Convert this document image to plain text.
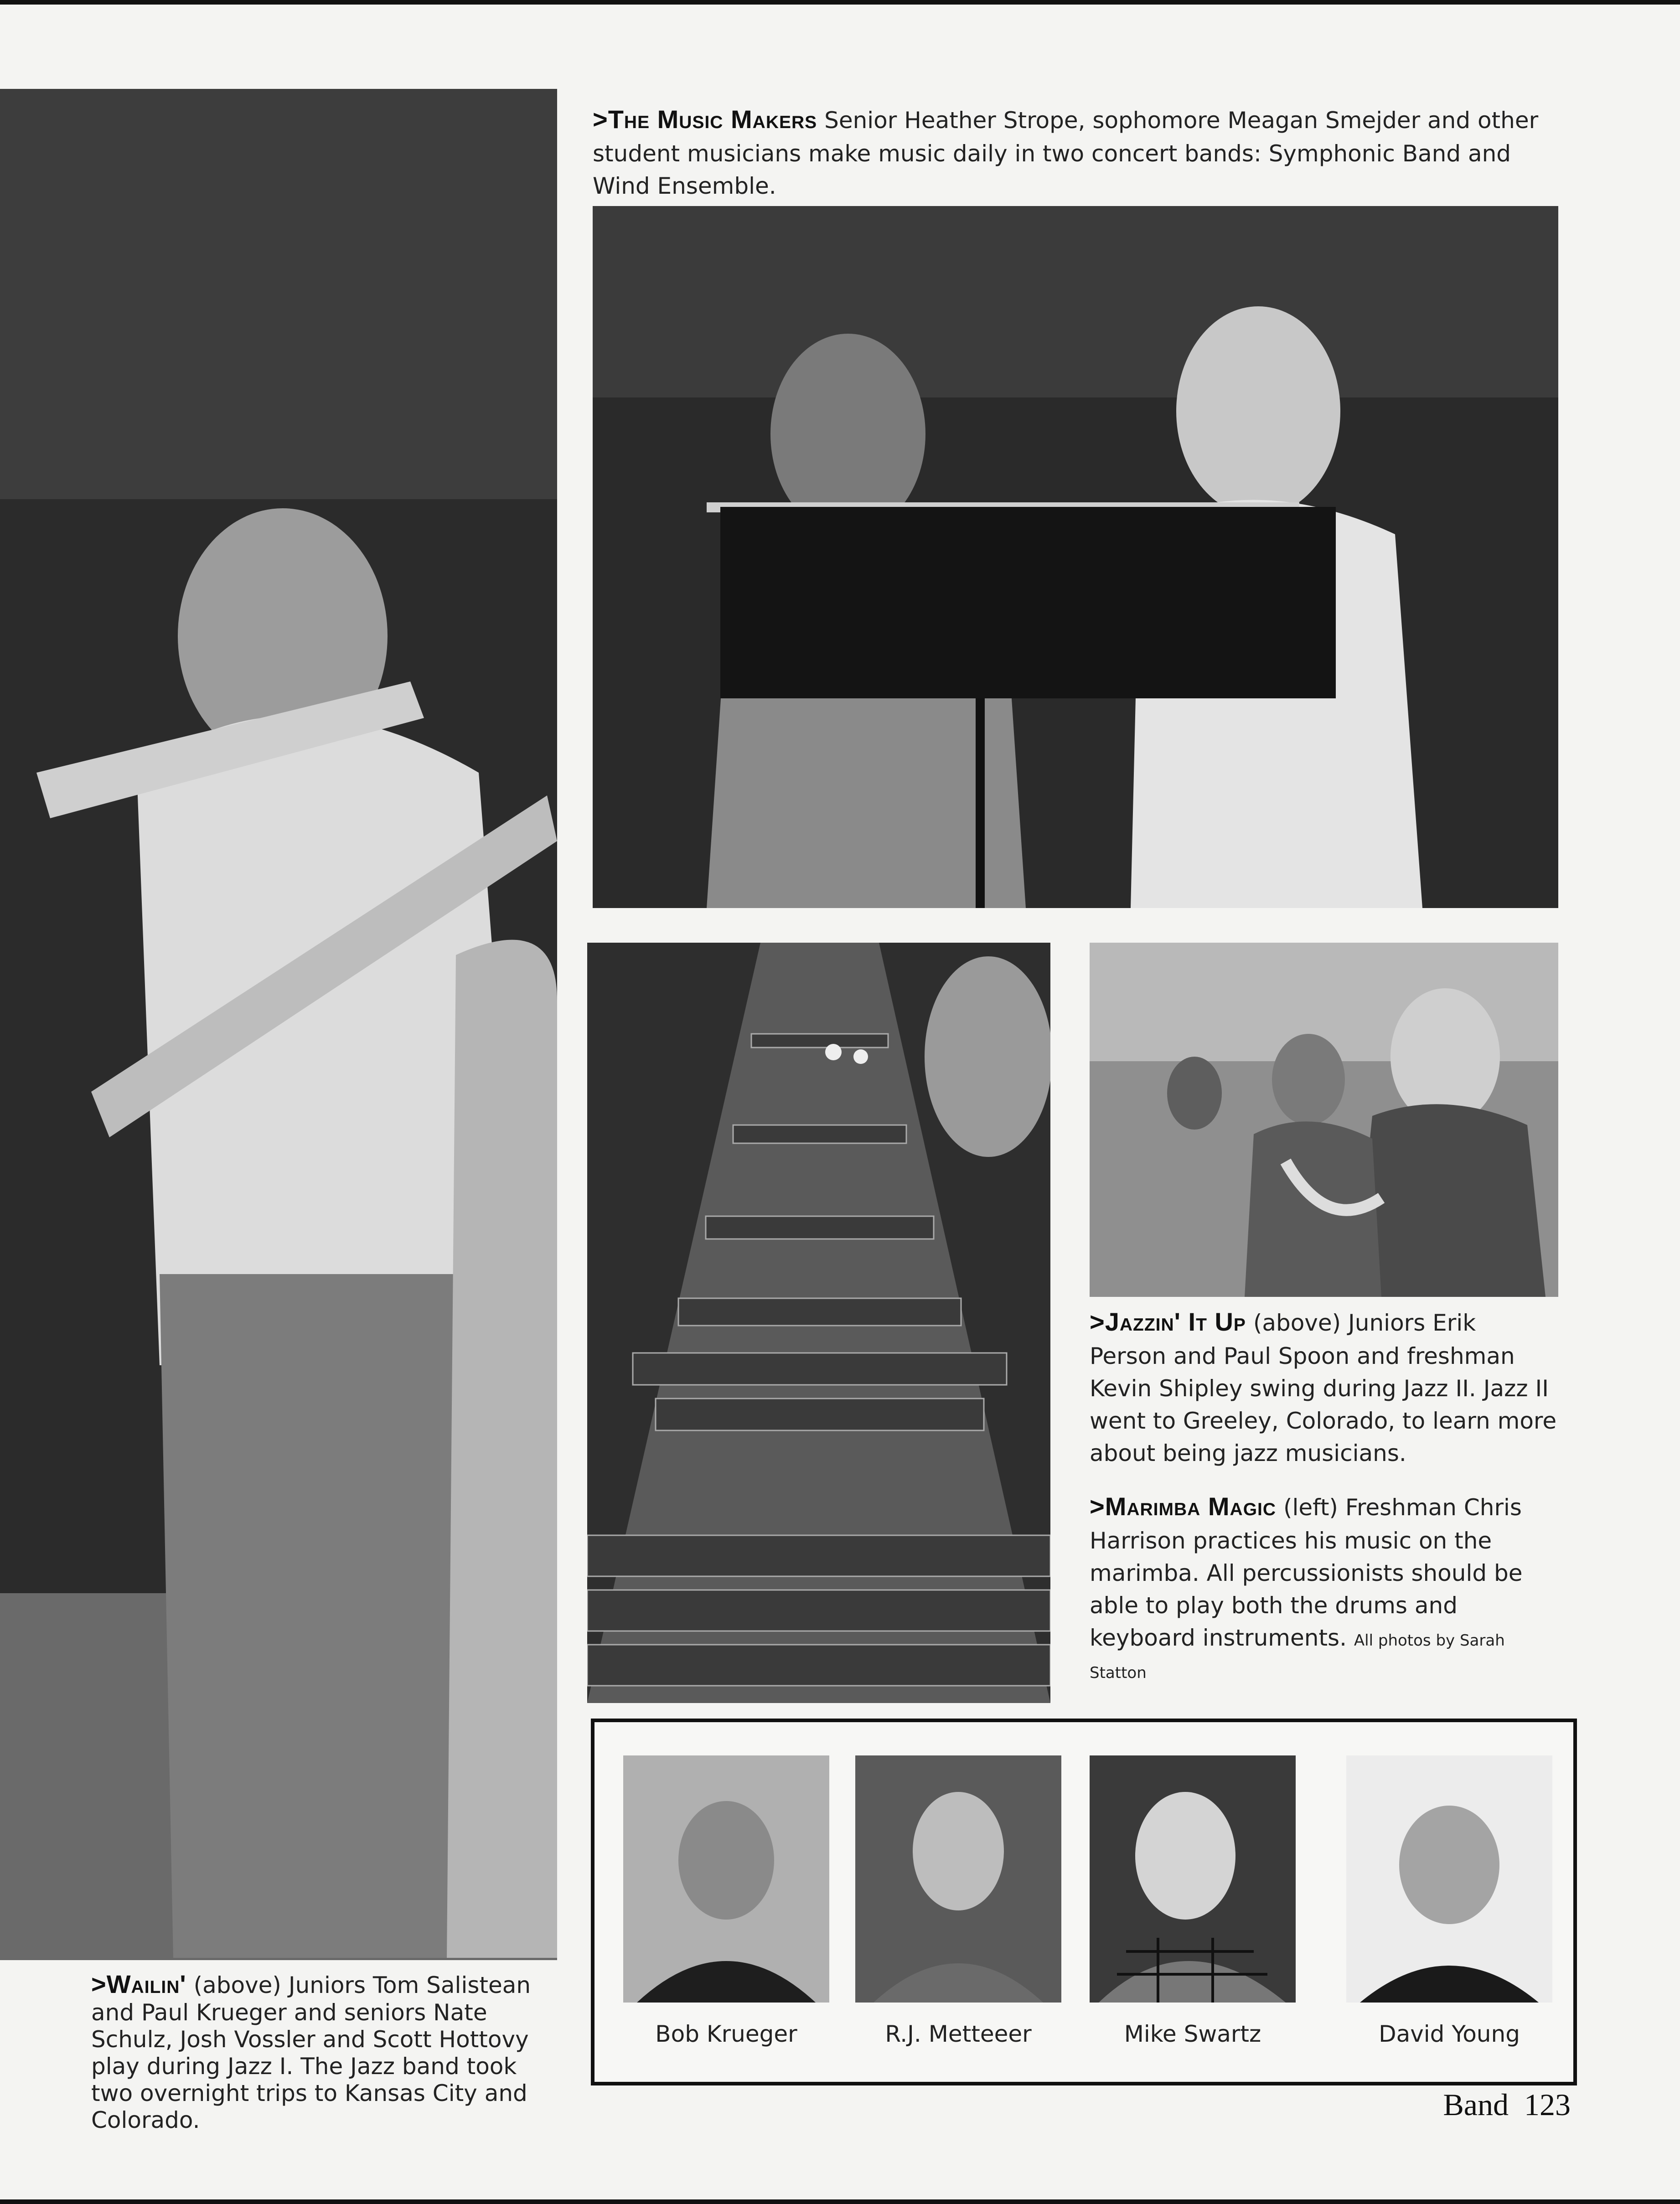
>The Music Makers Senior Heather Strope, sophomore Meagan Smejder and other student musicians make music daily in two concert bands: Symphonic Band and Wind Ensemble.
>Jazzin' It Up (above) Juniors Erik Person and Paul Spoon and freshman Kevin Shipley swing during Jazz II. Jazz II went to Greeley, Colorado, to learn more about being jazz musicians.
>Marimba Magic (left) Freshman Chris Harrison practices his music on the marimba. All percussionists should be able to play both the drums and keyboard instruments. All photos by Sarah Statton
>Wailin' (above) Juniors Tom Salistean and Paul Krueger and seniors Nate Schulz, Josh Vossler and Scott Hottovy play during Jazz I. The Jazz band took two overnight trips to Kansas City and Colorado.
Bob Krueger	R.J. Metteeer	Mike Swartz	David Young
Band 123
